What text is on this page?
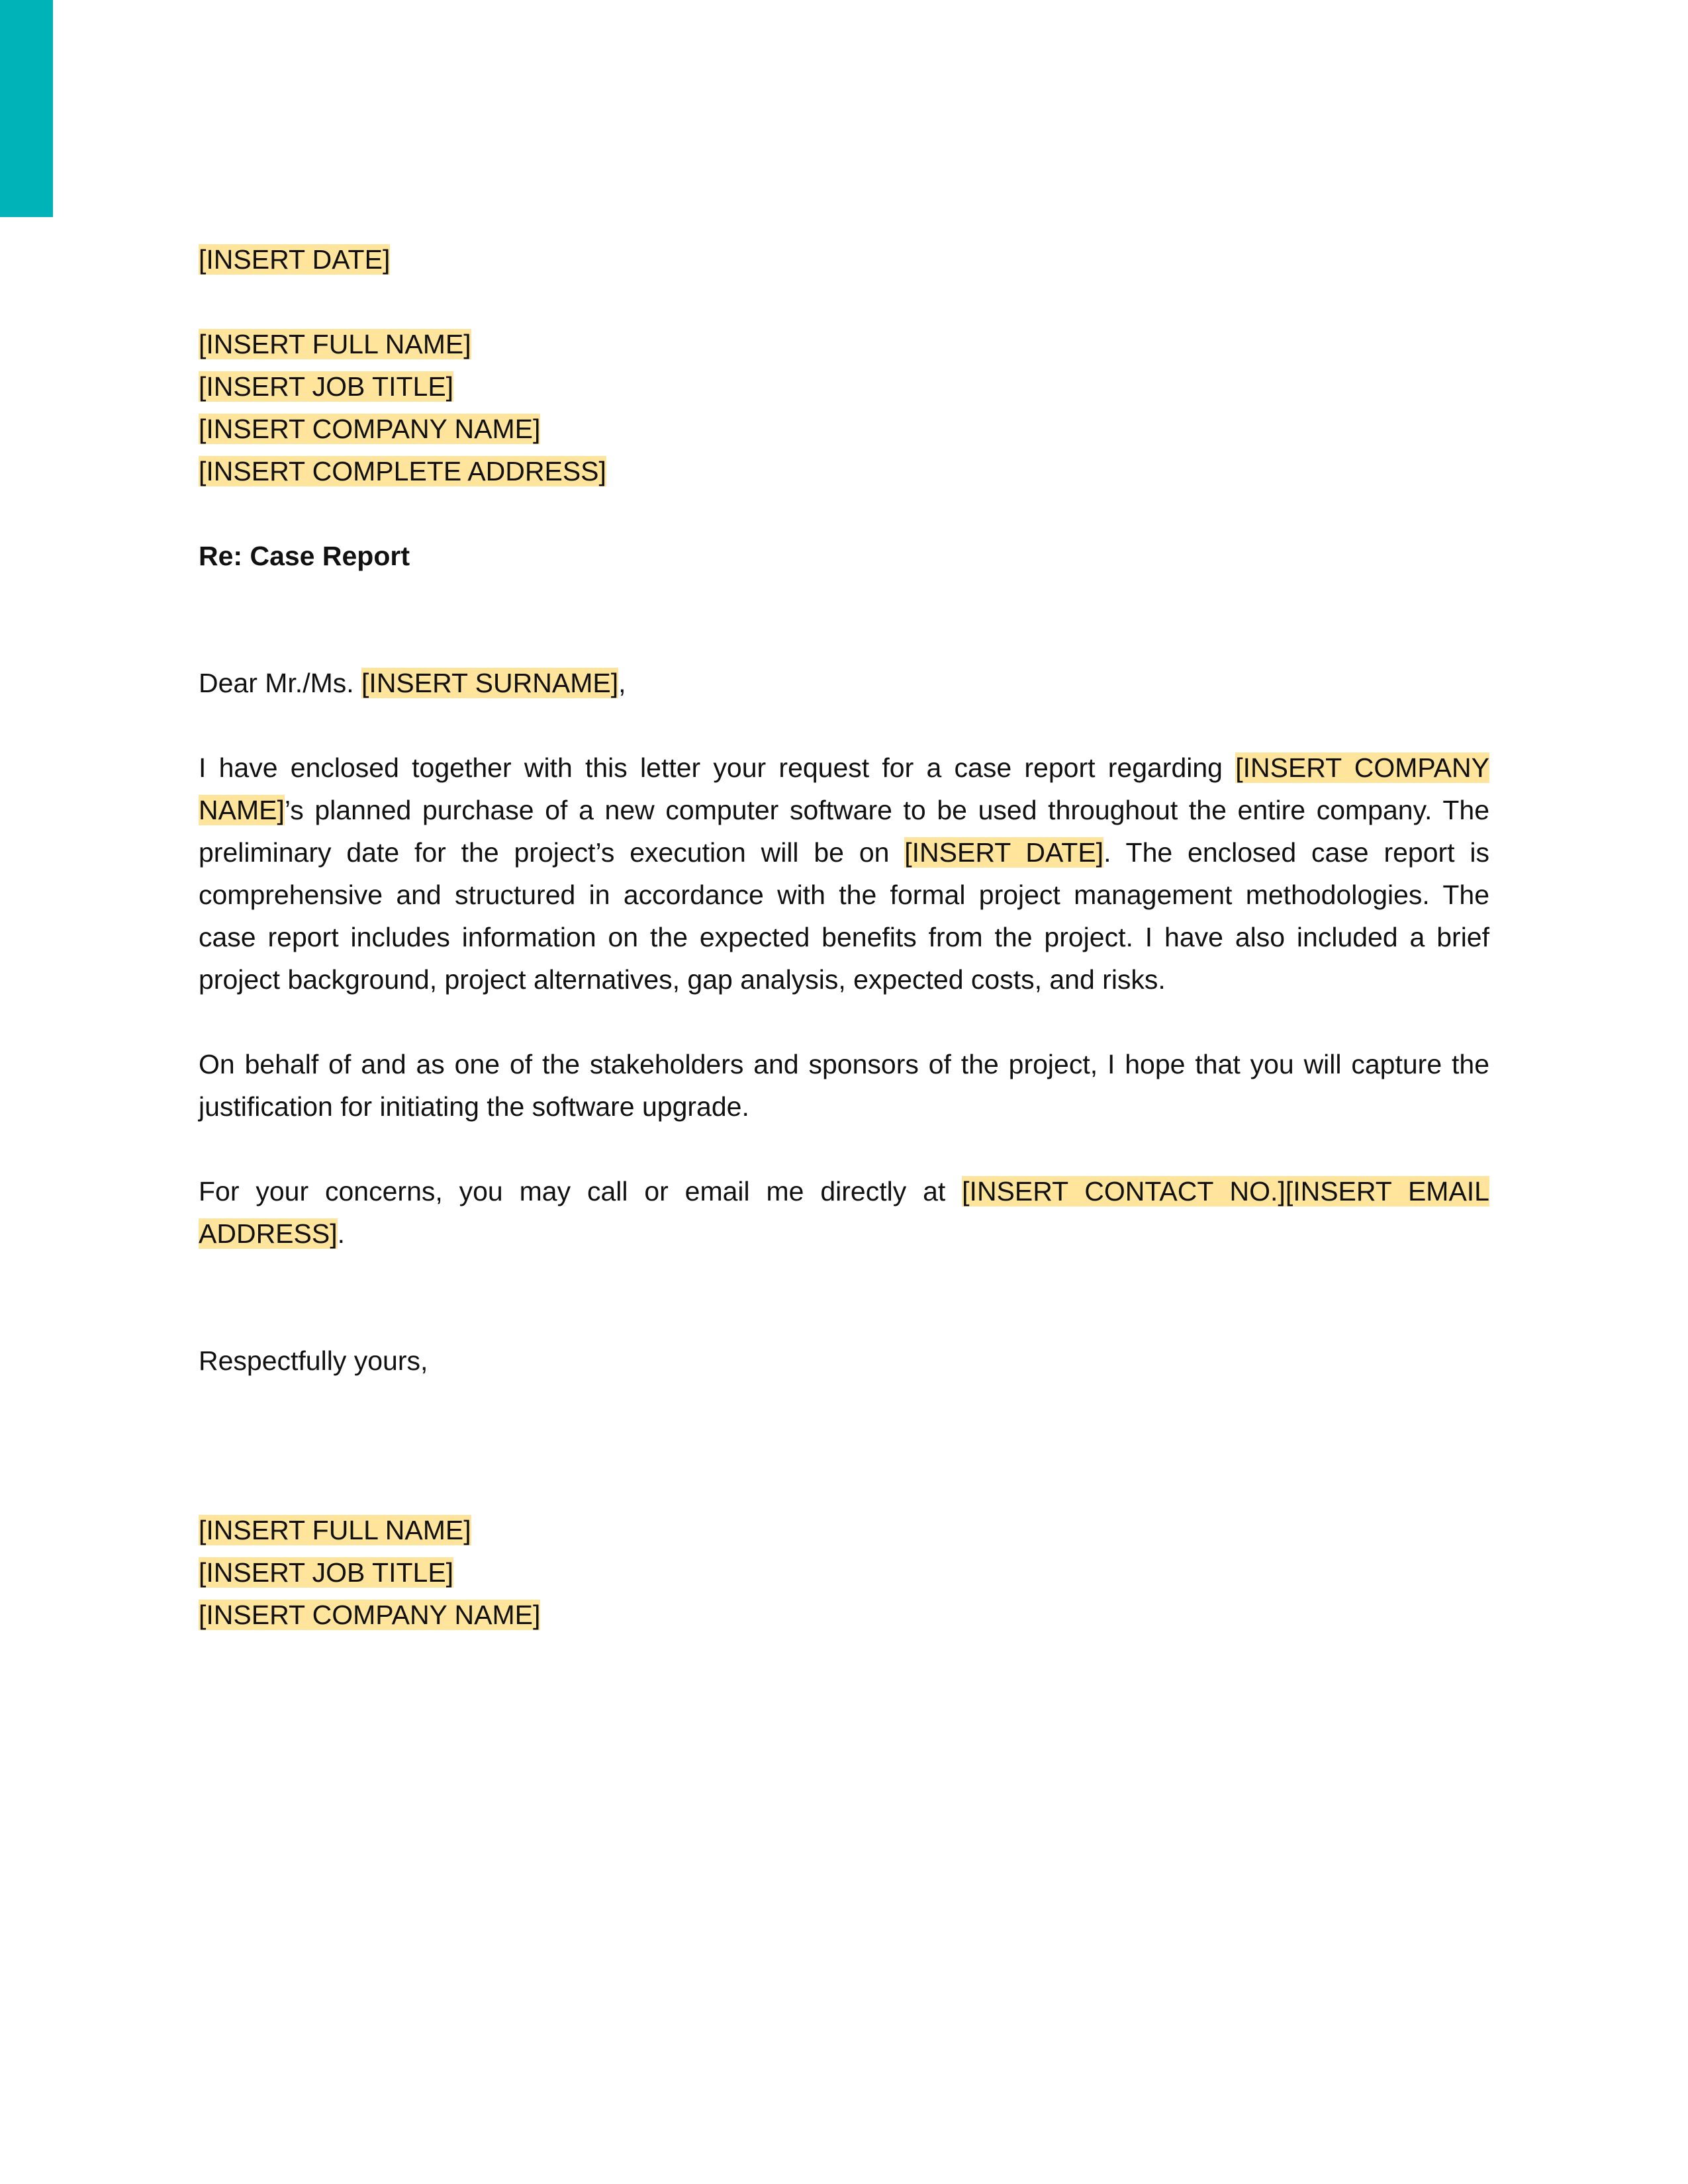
[INSERT DATE]
[INSERT FULL NAME]
[INSERT JOB TITLE]
[INSERT COMPANY NAME]
[INSERT COMPLETE ADDRESS]
Re: Case Report
Dear Mr./Ms. [INSERT SURNAME],

I have enclosed together with this letter your request for a case report regarding [INSERT COMPANY NAME]’s planned purchase of a new computer software to be used throughout the entire company. The preliminary date for the project’s execution will be on [INSERT DATE]. The enclosed case report is comprehensive and structured in accordance with the formal project management methodologies. The case report includes information on the expected benefits from the project. I have also included a brief project background, project alternatives, gap analysis, expected costs, and risks.

On behalf of and as one of the stakeholders and sponsors of the project, I hope that you will capture the justification for initiating the software upgrade.

For your concerns, you may call or email me directly at [INSERT CONTACT NO.][INSERT EMAIL ADDRESS].

Respectfully yours,
[INSERT FULL NAME]
[INSERT JOB TITLE]
[INSERT COMPANY NAME]
